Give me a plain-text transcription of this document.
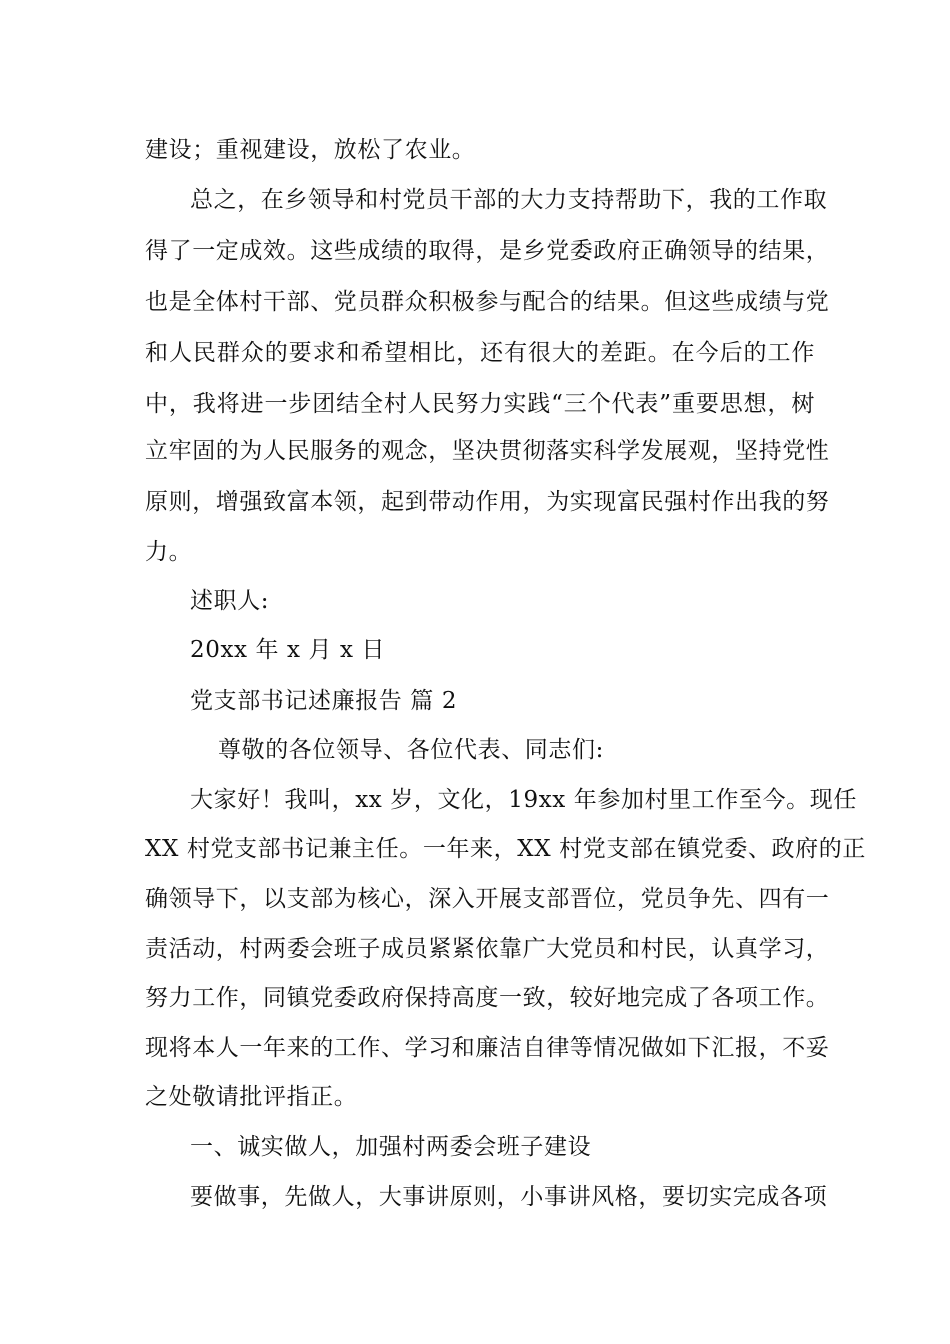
建设；重视建设，放松了农业。
总之，在乡领导和村党员干部的大力支持帮助下，我的工作取
得了一定成效。这些成绩的取得，是乡党委政府正确领导的结果，
也是全体村干部、党员群众积极参与配合的结果。但这些成绩与党
和人民群众的要求和希望相比，还有很大的差距。在今后的工作
中，我将进一步团结全村人民努力实践“三个代表”重要思想，树
立牢固的为人民服务的观念，坚决贯彻落实科学发展观，坚持党性
原则，增强致富本领，起到带动作用，为实现富民强村作出我的努
力。
述职人:
20xx 年 x 月 x 日
党支部书记述廉报告 篇 2
尊敬的各位领导、各位代表、同志们:
大家好！我叫，xx 岁，文化，19xx 年参加村里工作至今。现任
XX 村党支部书记兼主任。一年来，XX 村党支部在镇党委、政府的正
确领导下，以支部为核心，深入开展支部晋位，党员争先、四有一
责活动，村两委会班子成员紧紧依靠广大党员和村民，认真学习，
努力工作，同镇党委政府保持高度一致，较好地完成了各项工作。
现将本人一年来的工作、学习和廉洁自律等情况做如下汇报，不妥
之处敬请批评指正。
一、诚实做人，加强村两委会班子建设
要做事，先做人，大事讲原则，小事讲风格，要切实完成各项
